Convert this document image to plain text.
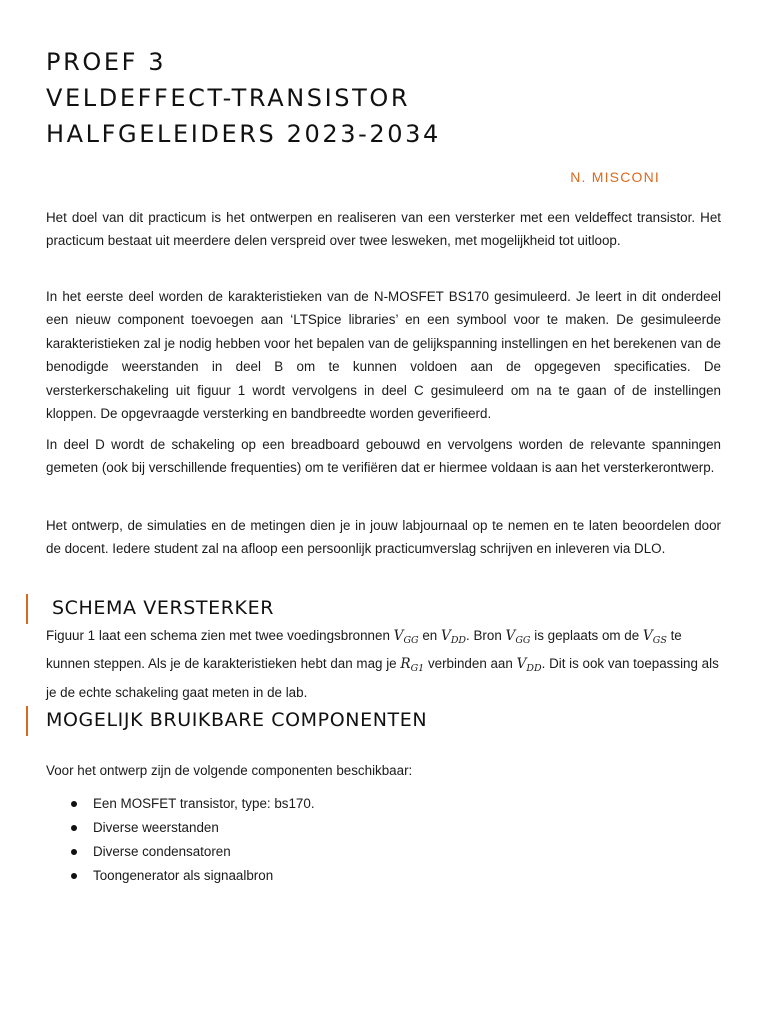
PROEF 3
VELDEFFECT-TRANSISTOR
HALFGELEIDERS 2023-2034
N. MISCONI

Het doel van dit practicum is het ontwerpen en realiseren van een versterker met een veldeffect transistor. Het practicum bestaat uit meerdere delen verspreid over twee lesweken, met mogelijkheid tot uitloop.

In het eerste deel worden de karakteristieken van de N-MOSFET BS170 gesimuleerd. Je leert in dit onderdeel een nieuw component toevoegen aan ‘LTSpice libraries’ en een symbool voor te maken. De gesimuleerde karakteristieken zal je nodig hebben voor het bepalen van de gelijkspanning instellingen en het berekenen van de benodigde weerstanden in deel B om te kunnen voldoen aan de opgegeven specificaties. De versterkerschakeling uit figuur 1 wordt vervolgens in deel C gesimuleerd om na te gaan of de instellingen kloppen. De opgevraagde versterking en bandbreedte worden geverifieerd.

In deel D wordt de schakeling op een breadboard gebouwd en vervolgens worden de relevante spanningen gemeten (ook bij verschillende frequenties) om te verifiëren dat er hiermee voldaan is aan het versterkerontwerp.

Het ontwerp, de simulaties en de metingen dien je in jouw labjournaal op te nemen en te laten beoordelen door de docent. Iedere student zal na afloop een persoonlijk practicumverslag schrijven en inleveren via DLO.

SCHEMA VERSTERKER

Figuur 1 laat een schema zien met twee voedingsbronnen $V_{GG}$ en $V_{DD}$. Bron $V_{GG}$ is geplaats om de $V_{GS}$ te kunnen steppen. Als je de karakteristieken hebt dan mag je $R_{G1}$ verbinden aan $V_{DD}$. Dit is ook van toepassing als je de echte schakeling gaat meten in de lab.

MOGELIJK BRUIKBARE COMPONENTEN

Voor het ontwerp zijn de volgende componenten beschikbaar:

Een MOSFET transistor, type: bs170.
Diverse weerstanden
Diverse condensatoren
Toongenerator als signaalbron
